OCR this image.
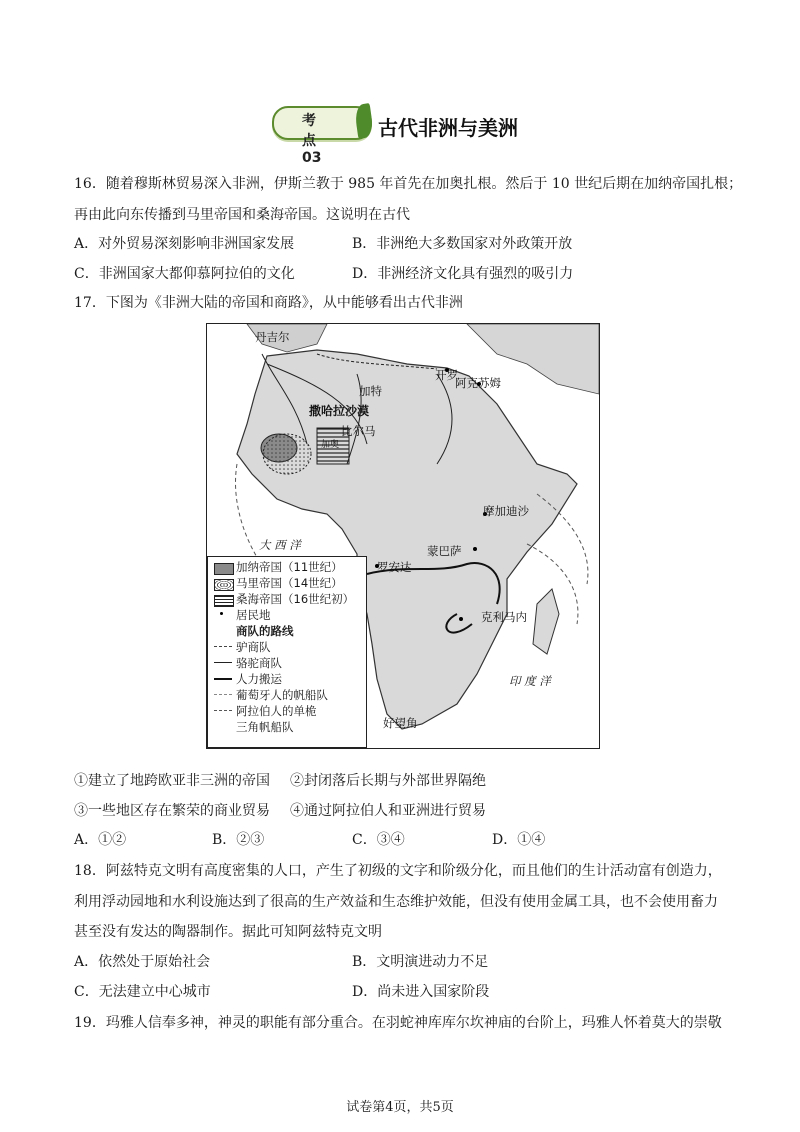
考点03
古代非洲与美洲
16．随着穆斯林贸易深入非洲，伊斯兰教于 985 年首先在加奥扎根。然后于 10 世纪后期在加纳帝国扎根；
再由此向东传播到马里帝国和桑海帝国。这说明在古代
A．对外贸易深刻影响非洲国家发展	B．非洲绝大多数国家对外政策开放
C．非洲国家大都仰慕阿拉伯的文化	D．非洲经济文化具有强烈的吸引力
17．下图为《非洲大陆的帝国和商路》，从中能够看出古代非洲
丹吉尔
开罗
阿克苏姆
加特
撒哈拉沙漠
比尔马
加奥
大 西 洋
摩加迪沙
蒙巴萨
罗安达
克利马内
印 度 洋
好望角
加纳帝国（11世纪）
马里帝国（14世纪）
桑海帝国（16世纪初）
居民地
商队的路线
驴商队
骆驼商队
人力搬运
葡萄牙人的帆船队
阿拉伯人的单桅
三角帆船队
①建立了地跨欧亚非三洲的帝国 ②封闭落后长期与外部世界隔绝
③一些地区存在繁荣的商业贸易 ④通过阿拉伯人和亚洲进行贸易
A．①②	B．②③	C．③④	D．①④
18．阿兹特克文明有高度密集的人口，产生了初级的文字和阶级分化，而且他们的生计活动富有创造力，
利用浮动园地和水利设施达到了很高的生产效益和生态维护效能，但没有使用金属工具，也不会使用畜力
甚至没有发达的陶器制作。据此可知阿兹特克文明
A．依然处于原始社会	B．文明演进动力不足
C．无法建立中心城市	D．尚未进入国家阶段
19．玛雅人信奉多神，神灵的职能有部分重合。在羽蛇神库库尔坎神庙的台阶上，玛雅人怀着莫大的崇敬
试卷第4页，共5页
